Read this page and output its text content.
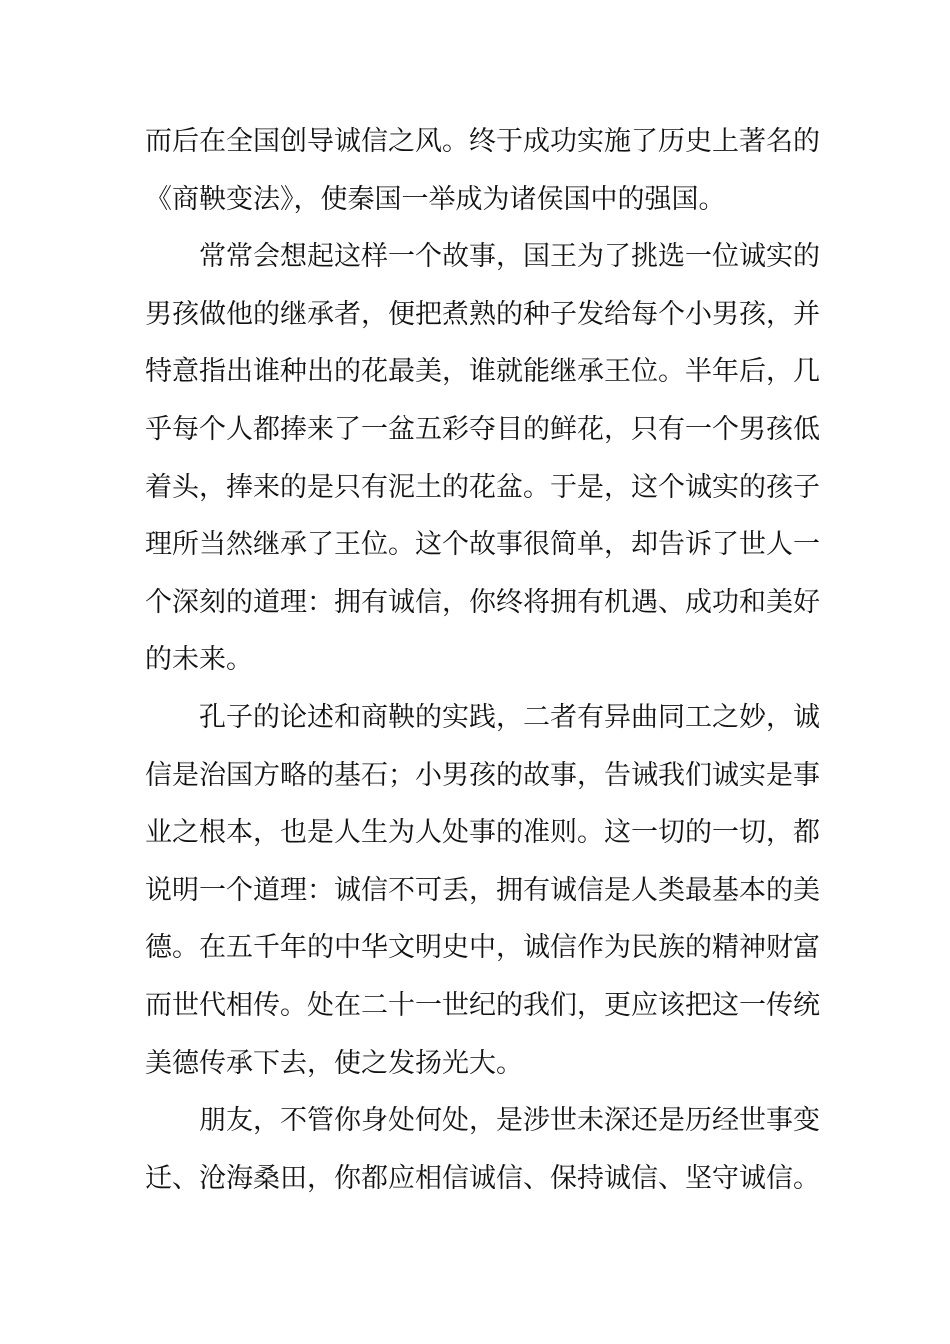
而后在全国创导诚信之风。终于成功实施了历史上著名的
《商鞅变法》，使秦国一举成为诸侯国中的强国。
常常会想起这样一个故事，国王为了挑选一位诚实的
男孩做他的继承者，便把煮熟的种子发给每个小男孩，并
特意指出谁种出的花最美，谁就能继承王位。半年后，几
乎每个人都捧来了一盆五彩夺目的鲜花，只有一个男孩低
着头，捧来的是只有泥土的花盆。于是，这个诚实的孩子
理所当然继承了王位。这个故事很简单，却告诉了世人一
个深刻的道理：拥有诚信，你终将拥有机遇、成功和美好
的未来。
孔子的论述和商鞅的实践，二者有异曲同工之妙，诚
信是治国方略的基石；小男孩的故事，告诫我们诚实是事
业之根本，也是人生为人处事的准则。这一切的一切，都
说明一个道理：诚信不可丢，拥有诚信是人类最基本的美
德。在五千年的中华文明史中，诚信作为民族的精神财富
而世代相传。处在二十一世纪的我们，更应该把这一传统
美德传承下去，使之发扬光大。
朋友，不管你身处何处，是涉世未深还是历经世事变
迁、沧海桑田，你都应相信诚信、保持诚信、坚守诚信。
